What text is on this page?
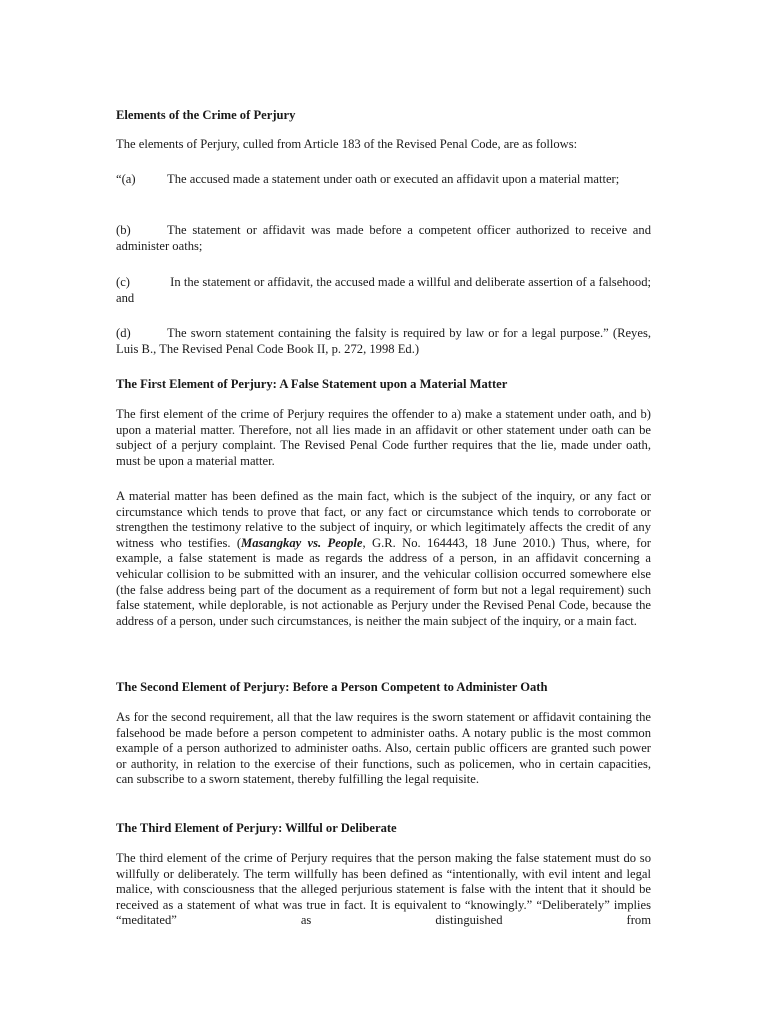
Elements of the Crime of Perjury

The elements of Perjury, culled from Article 183 of the Revised Penal Code, are as follows:

“(a) The accused made a statement under oath or executed an affidavit upon a material matter;

(b)	The statement or affidavit was made before a competent officer authorized to receive and administer oaths;

(c)	In the statement or affidavit, the accused made a willful and deliberate assertion of a falsehood; and

(d)	The sworn statement containing the falsity is required by law or for a legal purpose.” (Reyes, Luis B., The Revised Penal Code Book II, p. 272, 1998 Ed.)

The First Element of Perjury: A False Statement upon a Material Matter

The first element of the crime of Perjury requires the offender to a) make a statement under oath, and b) upon a material matter. Therefore, not all lies made in an affidavit or other statement under oath can be subject of a perjury complaint. The Revised Penal Code further requires that the lie, made under oath, must be upon a material matter.

A material matter has been defined as the main fact, which is the subject of the inquiry, or any fact or circumstance which tends to prove that fact, or any fact or circumstance which tends to corroborate or strengthen the testimony relative to the subject of inquiry, or which legitimately affects the credit of any witness who testifies. (Masangkay vs. People, G.R. No. 164443, 18 June 2010.) Thus, where, for example, a false statement is made as regards the address of a person, in an affidavit concerning a vehicular collision to be submitted with an insurer, and the vehicular collision occurred somewhere else (the false address being part of the document as a requirement of form but not a legal requirement) such false statement, while deplorable, is not actionable as Perjury under the Revised Penal Code, because the address of a person, under such circumstances, is neither the main subject of the inquiry, or a main fact.

The Second Element of Perjury: Before a Person Competent to Administer Oath

As for the second requirement, all that the law requires is the sworn statement or affidavit containing the falsehood be made before a person competent to administer oaths. A notary public is the most common example of a person authorized to administer oaths. Also, certain public officers are granted such power or authority, in relation to the exercise of their functions, such as policemen, who in certain capacities, can subscribe to a sworn statement, thereby fulfilling the legal requisite.

The Third Element of Perjury: Willful or Deliberate

The third element of the crime of Perjury requires that the person making the false statement must do so willfully or deliberately. The term willfully has been defined as “intentionally, with evil intent and legal malice, with consciousness that the alleged perjurious statement is false with the intent that it should be received as a statement of what was true in fact. It is equivalent to “knowingly.” “Deliberately” implies “meditated” as distinguished from
